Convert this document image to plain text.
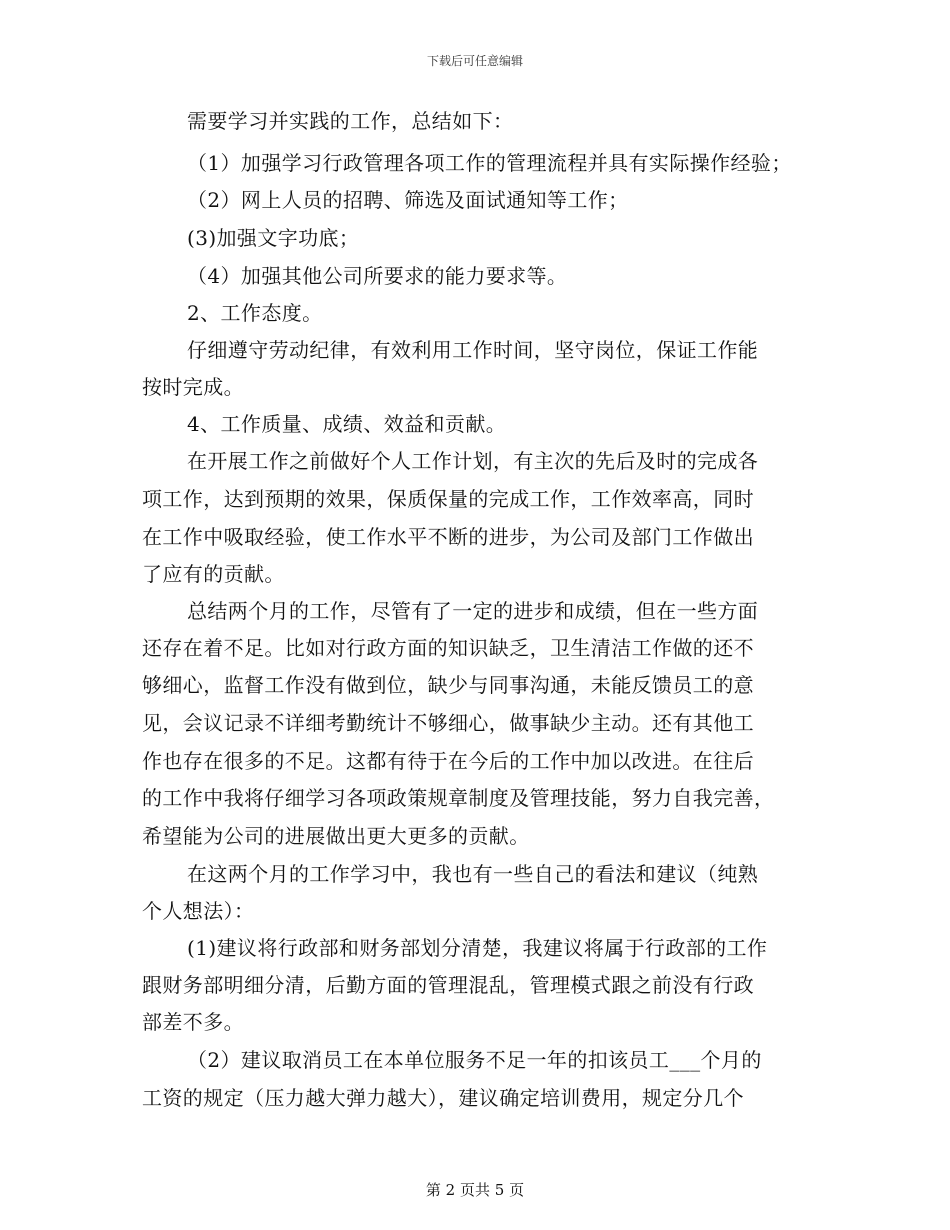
下载后可任意编辑
需要学习并实践的工作，总结如下：
（1）加强学习行政管理各项工作的管理流程并具有实际操作经验；
（2）网上人员的招聘、筛选及面试通知等工作；
(3)加强文字功底；
（4）加强其他公司所要求的能力要求等。
2、工作态度。
仔细遵守劳动纪律，有效利用工作时间，坚守岗位，保证工作能
按时完成。
4、工作质量、成绩、效益和贡献。
在开展工作之前做好个人工作计划，有主次的先后及时的完成各
项工作，达到预期的效果，保质保量的完成工作，工作效率高，同时
在工作中吸取经验，使工作水平不断的进步，为公司及部门工作做出
了应有的贡献。
总结两个月的工作，尽管有了一定的进步和成绩，但在一些方面
还存在着不足。比如对行政方面的知识缺乏，卫生清洁工作做的还不
够细心，监督工作没有做到位，缺少与同事沟通，未能反馈员工的意
见，会议记录不详细考勤统计不够细心，做事缺少主动。还有其他工
作也存在很多的不足。这都有待于在今后的工作中加以改进。在往后
的工作中我将仔细学习各项政策规章制度及管理技能，努力自我完善，
希望能为公司的进展做出更大更多的贡献。
在这两个月的工作学习中，我也有一些自己的看法和建议（纯熟
个人想法）：
(1)建议将行政部和财务部划分清楚，我建议将属于行政部的工作
跟财务部明细分清，后勤方面的管理混乱，管理模式跟之前没有行政
部差不多。
（2）建议取消员工在本单位服务不足一年的扣该员工___个月的
工资的规定（压力越大弹力越大），建议确定培训费用，规定分几个
第 2 页共 5 页
